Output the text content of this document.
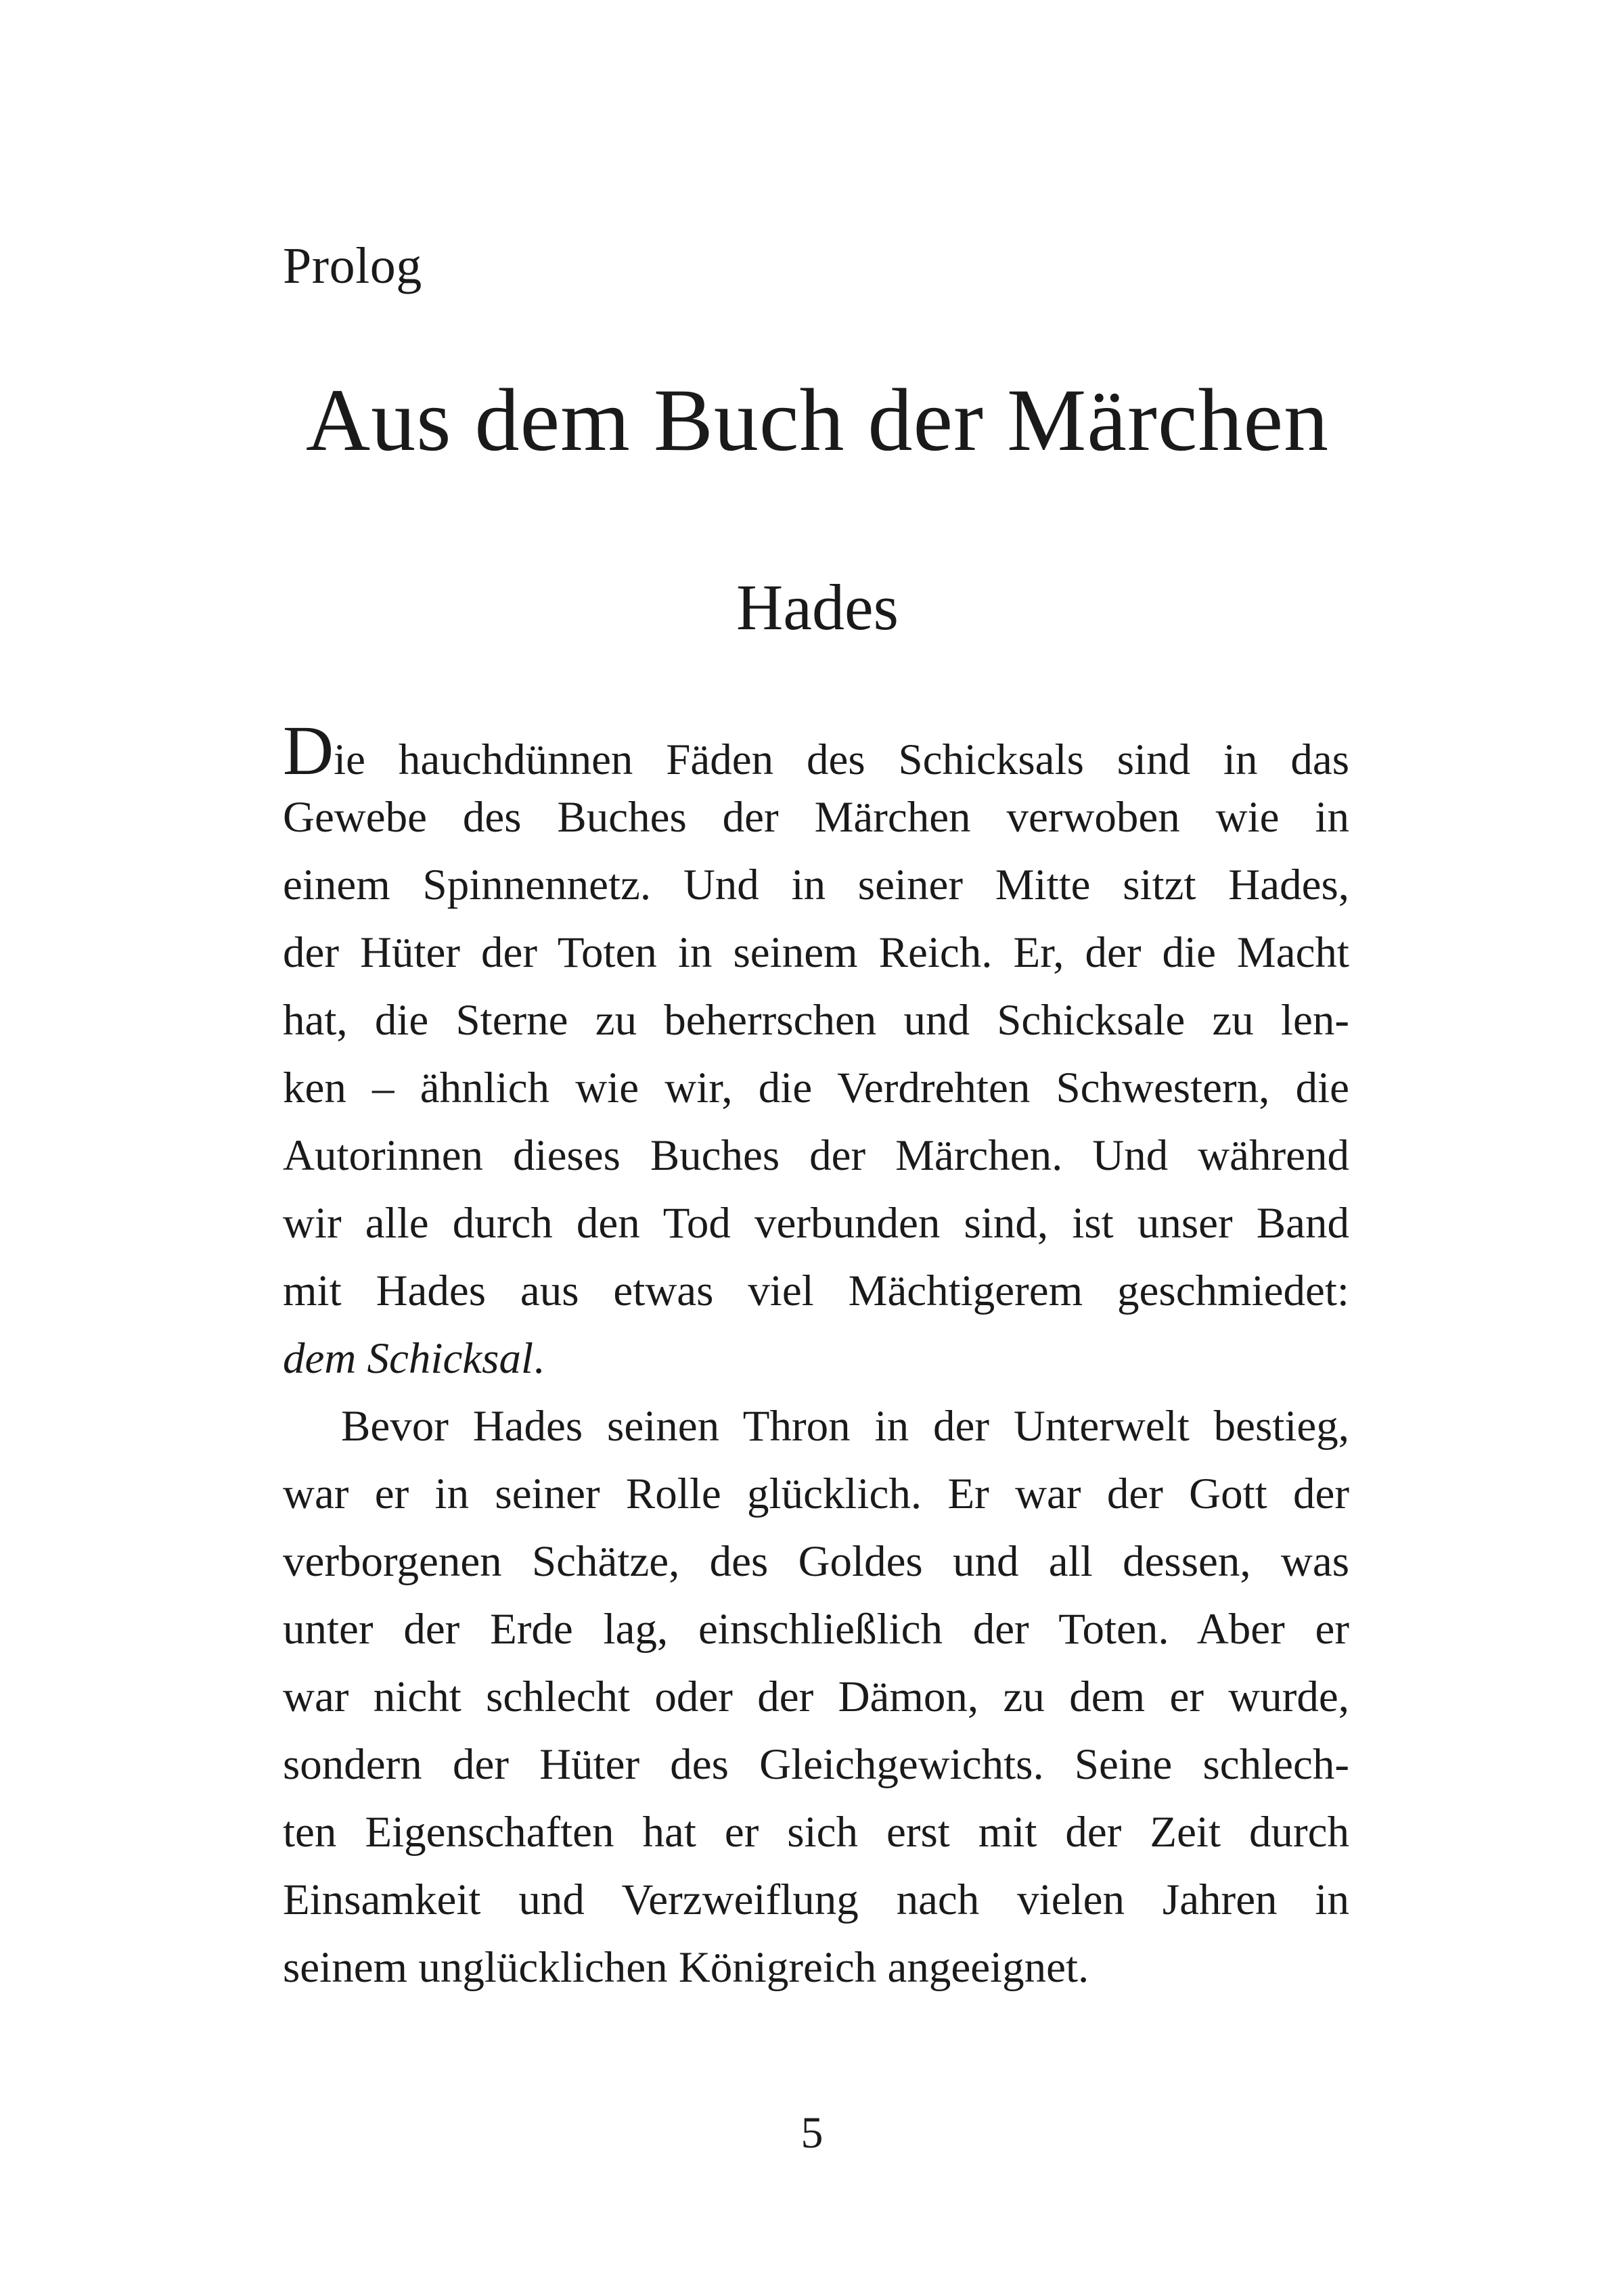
Prolog
Aus dem Buch der Märchen
Hades
Die hauchdünnen Fäden des Schicksals sind in das
Gewebe des Buches der Märchen verwoben wie in
einem Spinnennetz. Und in seiner Mitte sitzt Hades,
der Hüter der Toten in seinem Reich. Er, der die Macht
hat, die Sterne zu beherrschen und Schicksale zu len-
ken – ähnlich wie wir, die Verdrehten Schwestern, die
Autorinnen dieses Buches der Märchen. Und während
wir alle durch den Tod verbunden sind, ist unser Band
mit Hades aus etwas viel Mächtigerem geschmiedet:
dem Schicksal.
Bevor Hades seinen Thron in der Unterwelt bestieg,
war er in seiner Rolle glücklich. Er war der Gott der
verborgenen Schätze, des Goldes und all dessen, was
unter der Erde lag, einschließlich der Toten. Aber er
war nicht schlecht oder der Dämon, zu dem er wurde,
sondern der Hüter des Gleichgewichts. Seine schlech-
ten Eigenschaften hat er sich erst mit der Zeit durch
Einsamkeit und Verzweiflung nach vielen Jahren in
seinem unglücklichen Königreich angeeignet.
5
